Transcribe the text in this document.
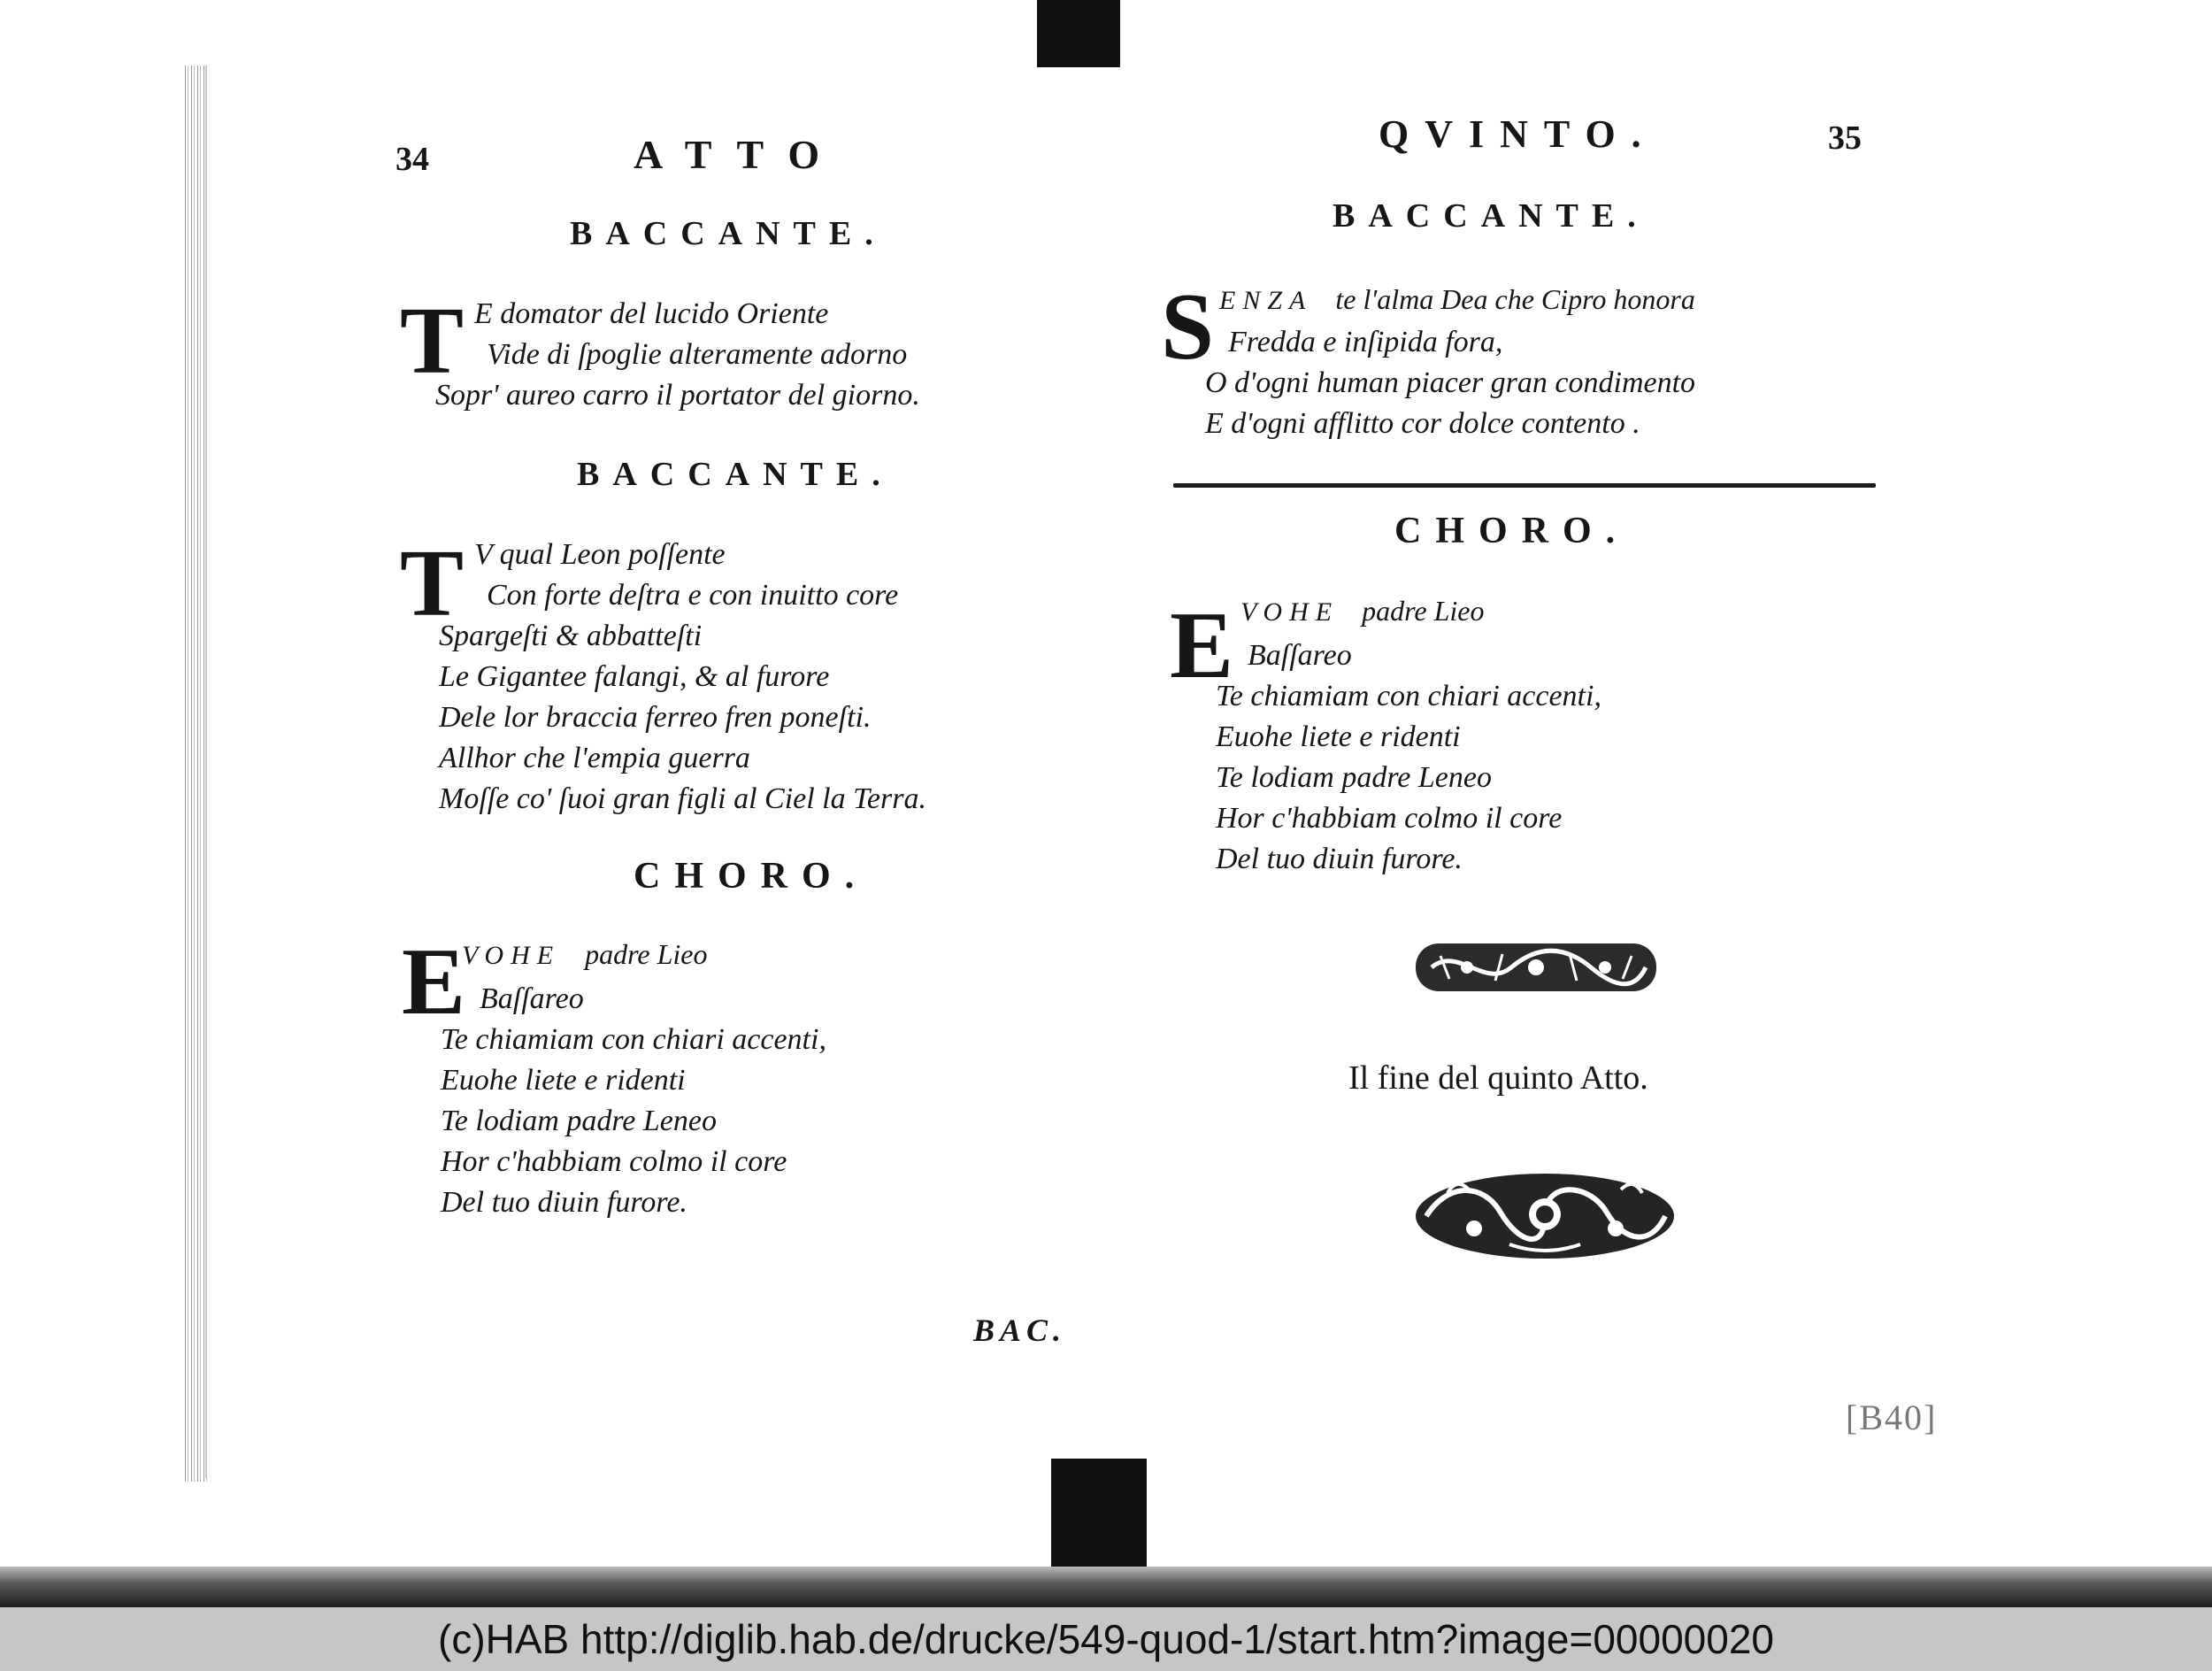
34	ATTO
BACCANTE.
T E domator del lucido Oriente
Vide di ſpoglie alteramente adorno
Sopr' aureo carro il portator del giorno.
BACCANTE.
T V qual Leon poſſente
Con forte deſtra e con inuitto core
Spargeſti & abbatteſti
Le Gigantee falangi, & al furore
Dele lor braccia ferreo fren poneſti.
Allhor che l'empia guerra
Moſſe co' ſuoi gran figli al Ciel la Terra.
CHORO.
E
VOHE padre Lieo
Baſſareo
Te chiamiam con chiari accenti,
Euohe liete e ridenti
Te lodiam padre Leneo
Hor c'habbiam colmo il core
Del tuo diuin furore.
BAC.
QVINTO.	35
BACCANTE.
S ENZA te l'alma Dea che Cipro honora
Fredda e inſipida fora,
O d'ogni human piacer gran condimento
E d'ogni afflitto cor dolce contento .
CHORO.
E VOHE padre Lieo
Baſſareo
Te chiamiam con chiari accenti,
Euohe liete e ridenti
Te lodiam padre Leneo
Hor c'habbiam colmo il core
Del tuo diuin furore.
Il fine del quinto Atto.
[B40]
(c)HAB http://diglib.hab.de/drucke/549-quod-1/start.htm?image=00000020
